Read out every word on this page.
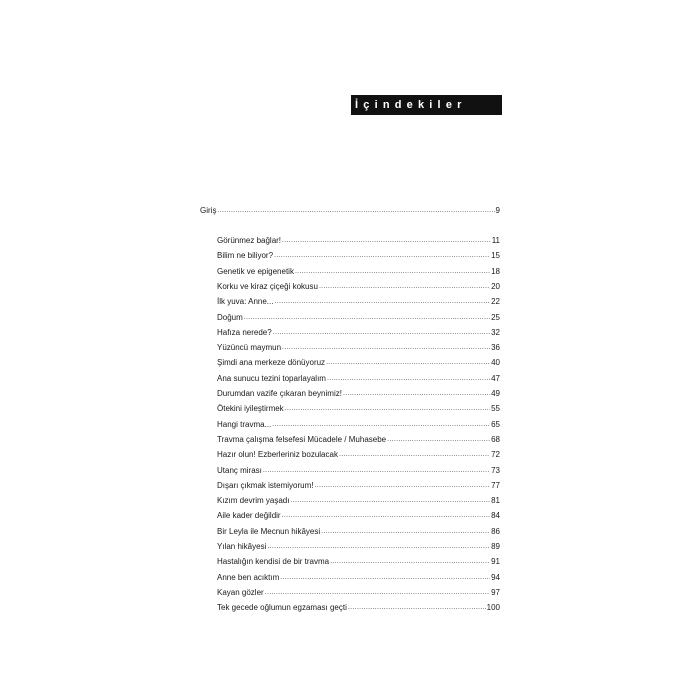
İçindekiler
Giriş .....	9
Görünmez bağlar! .....	11
Bilim ne biliyor? .....	15
Genetik ve epigenetik .....	18
Korku ve kiraz çiçeği kokusu .....	20
İlk yuva: Anne... .....	22
Doğum .....	25
Hafıza nerede? .....	32
Yüzüncü maymun .....	36
Şimdi ana merkeze dönüyoruz .....	40
Ana sunucu tezini toparlayalım .....	47
Durumdan vazife çıkaran beynimiz! .....	49
Ötekini iyileştirmek .....	55
Hangi travma... .....	65
Travma çalışma felsefesi Mücadele / Muhasebe .....	68
Hazır olun! Ezberleriniz bozulacak .....	72
Utanç mirası .....	73
Dışarı çıkmak istemiyorum! .....	77
Kızım devrim yaşadı .....	81
Aile kader değildir .....	84
Bir Leyla ile Mecnun hikâyesi .....	86
Yılan hikâyesi .....	89
Hastalığın kendisi de bir travma .....	91
Anne ben acıktım .....	94
Kayan gözler .....	97
Tek gecede oğlumun egzaması geçti .....	100
